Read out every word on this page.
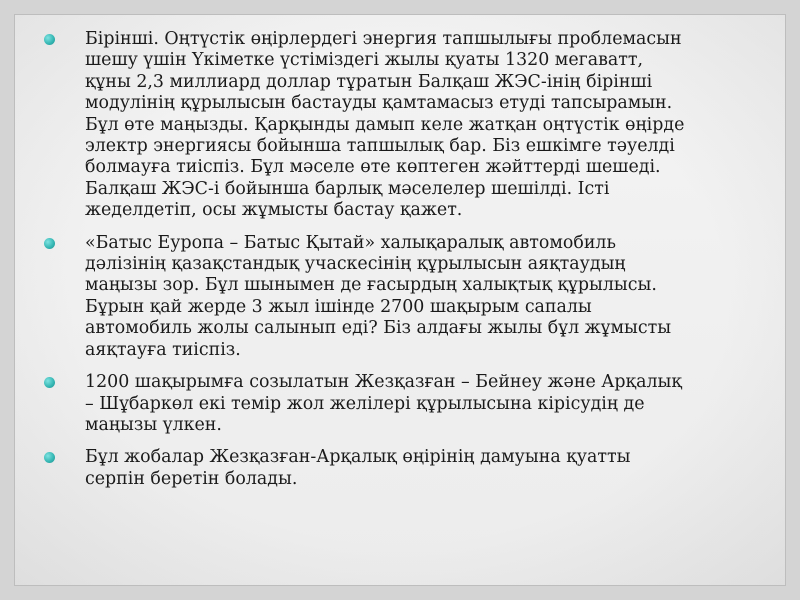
Бірінші. Оңтүстік өңірлердегі энергия тапшылығы проблемасын
шешу үшін Үкіметке үстіміздегі жылы қуаты 1320 мегаватт,
құны 2,3 миллиард доллар тұратын Балқаш ЖЭС-інің бірінші
модулінің құрылысын бастауды қамтамасыз етуді тапсырамын.
Бұл өте маңызды. Қарқынды дамып келе жатқан оңтүстік өңірде
электр энергиясы бойынша тапшылық бар. Біз ешкімге тәуелді
болмауға тиіспіз. Бұл мәселе өте көптеген жәйттерді шешеді.
Балқаш ЖЭС-і бойынша барлық мәселелер шешілді. Істі
жеделдетіп, осы жұмысты бастау қажет.
«Батыс Еуропа – Батыс Қытай» халықаралық автомобиль
дәлізінің қазақстандық учаскесінің құрылысын аяқтаудың
маңызы зор. Бұл шынымен де ғасырдың халықтық құрылысы.
Бұрын қай жерде 3 жыл ішінде 2700 шақырым сапалы
автомобиль жолы салынып еді? Біз алдағы жылы бұл жұмысты
аяқтауға тиіспіз.
1200 шақырымға созылатын Жезқазған – Бейнеу және Арқалық
– Шұбаркөл екі темір жол желілері құрылысына кірісудің де
маңызы үлкен.
Бұл жобалар Жезқазған-Арқалық өңірінің дамуына қуатты
серпін беретін болады.
